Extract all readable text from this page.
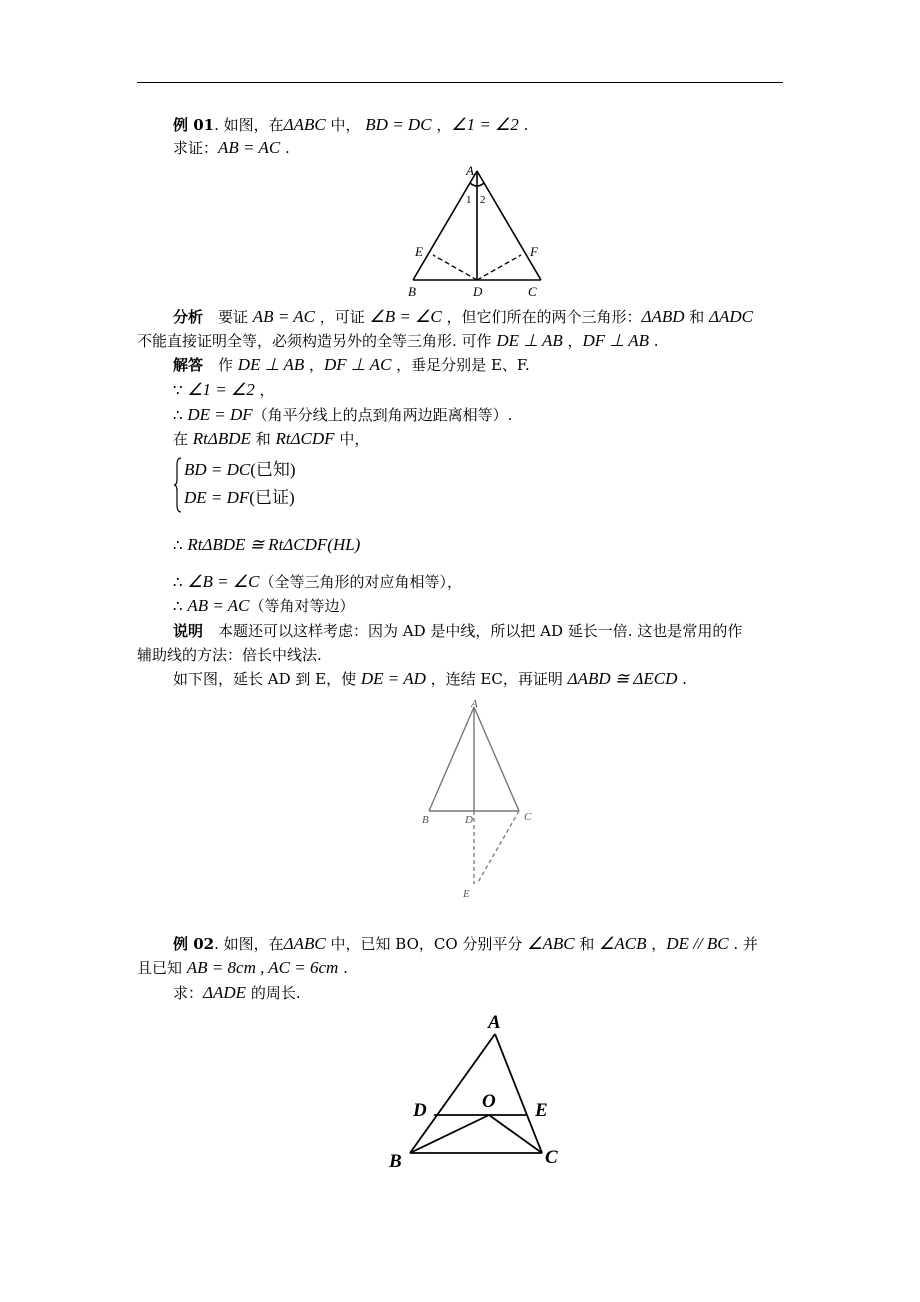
例 01. 如图，在ΔABC 中， BD = DC ，∠1 = ∠2 .
求证：AB = AC .
A
B	D	C
E	F
1 2
分析　要证 AB = AC ，可证 ∠B = ∠C ，但它们所在的两个三角形：ΔABD 和 ΔADC
不能直接证明全等，必须构造另外的全等三角形. 可作 DE ⊥ AB ，DF ⊥ AB .
解答　作 DE ⊥ AB ，DF ⊥ AC ，垂足分别是 E、F.
∵ ∠1 = ∠2 ，
∴ DE = DF（角平分线上的点到角两边距离相等）.
在 RtΔBDE 和 RtΔCDF 中，
BD = DC(已知)
DE = DF(已证)
∴ RtΔBDE ≅ RtΔCDF(HL)
∴ ∠B = ∠C（全等三角形的对应角相等），
∴ AB = AC（等角对等边）
说明　本题还可以这样考虑：因为 AD 是中线，所以把 AD 延长一倍. 这也是常用的作
辅助线的方法：倍长中线法.
如下图，延长 AD 到 E，使 DE = AD ，连结 EC，再证明 ΔABD ≅ ΔECD .
A
B	D	C
E
例 02. 如图，在ΔABC 中，已知 BO，CO 分别平分 ∠ABC 和 ∠ACB ，DE // BC . 并
且已知 AB = 8cm , AC = 6cm .
求：ΔADE 的周长.
A
D	O E
B	C
